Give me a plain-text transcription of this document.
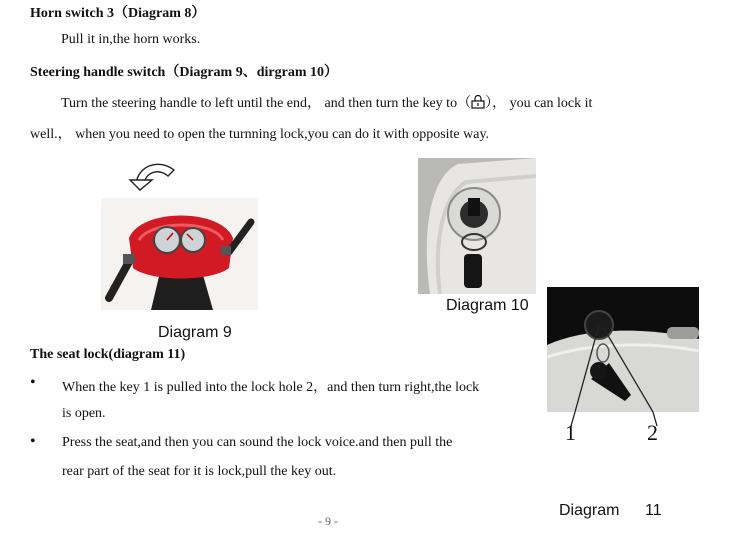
Horn switch 3（Diagram 8）
Pull it in,the horn works.
Steering handle switch（Diagram 9、dirgram 10）
Turn the steering handle to left until the end， and then turn the key to（ ）， you can lock it
well.， when you need to open the turnning lock,you can do it with opposite way.
Diagram 9
Diagram 10
The seat lock(diagram 11)
• When the key 1 is pulled into the lock hole 2，and then turn right,the lock
is open.
• Press the seat,and then you can sound the lock voice.and then pull the
rear part of the seat for it is lock,pull the key out.
1	2
Diagram 11
- 9 -
